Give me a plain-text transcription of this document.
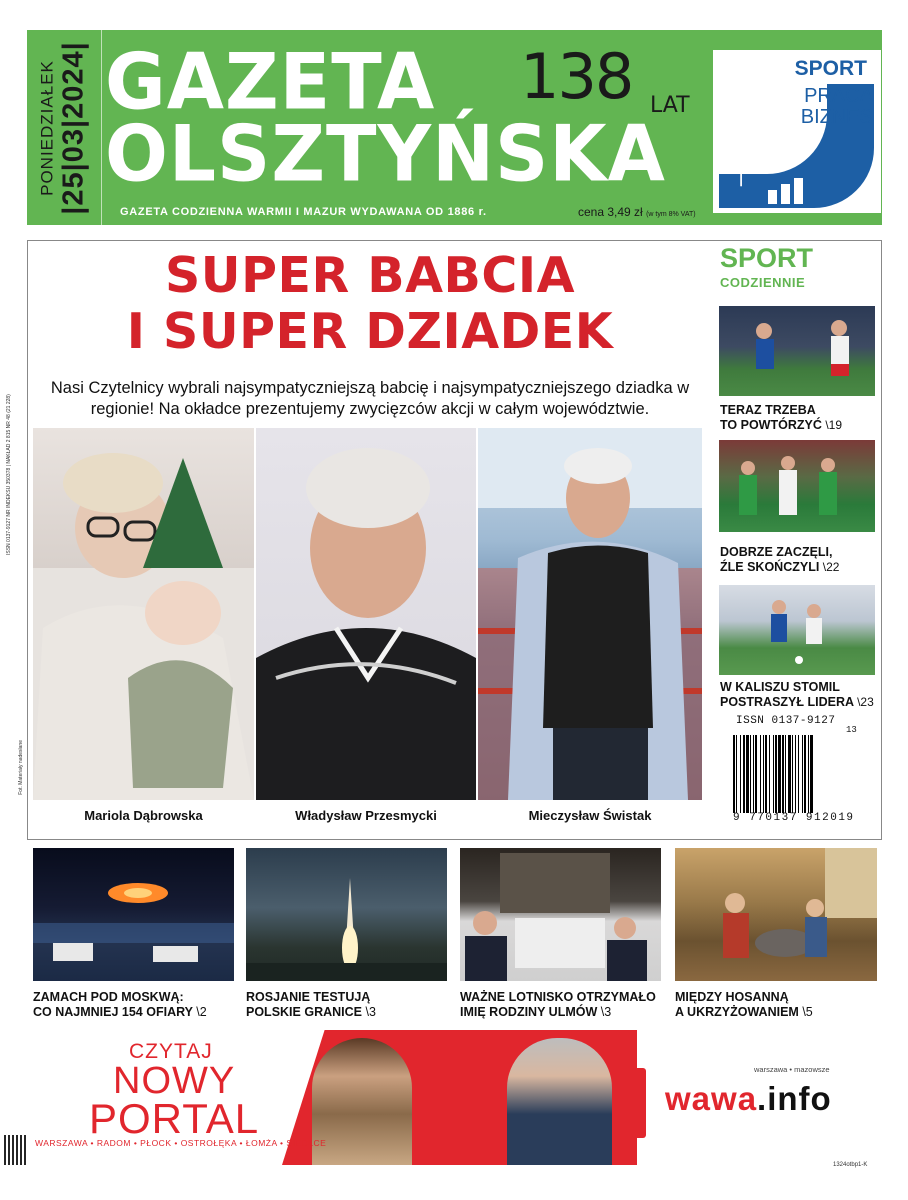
PONIEDZIAŁEK |25|03|2024| GAZETA
OLSZTYŃSKA
138 LAT
GAZETA CODZIENNA WARMII I MAZUR WYDAWANA OD 1886 r.	cena 3,49 zł (w tym 8% VAT)
SPORT
PRACA
BIZNES
↑
ISSN 0137-9127 NR INDEKSU 350378 | NAKŁAD 2 815 NR 48 (21 228)
Fot. Materiały nadesłane
SUPER BABCIA
I SUPER DZIADEK
Nasi Czytelnicy wybrali najsympatyczniejszą babcię i najsympatyczniejszego dziadka w regionie! Na okładce prezentujemy zwycięzców akcji w całym województwie.
Mariola Dąbrowska	Władysław Przesmycki	Mieczysław Świstak
SPORT
CODZIENNIE
TERAZ TRZEBA
TO POWTÓRZYĆ \19
DOBRZE ZACZĘLI,
ŹLE SKOŃCZYLI \22
W KALISZU STOMIL
POSTRASZYŁ LIDERA \23
ISSN 0137-9127
13
9 770137 912019
ZAMACH POD MOSKWĄ:
CO NAJMNIEJ 154 OFIARY \2
ROSJANIE TESTUJĄ
POLSKIE GRANICE \3
WAŻNE LOTNISKO OTRZYMAŁO
IMIĘ RODZINY ULMÓW \3
MIĘDZY HOSANNĄ
A UKRZYŻOWANIEM \5
CZYTAJ
NOWY
PORTAL
WARSZAWA • RADOM • PŁOCK • OSTROŁĘKA • ŁOMŻA • SIEDLCE
warszawa • mazowsze
wawa.info
1324otbp1-K
